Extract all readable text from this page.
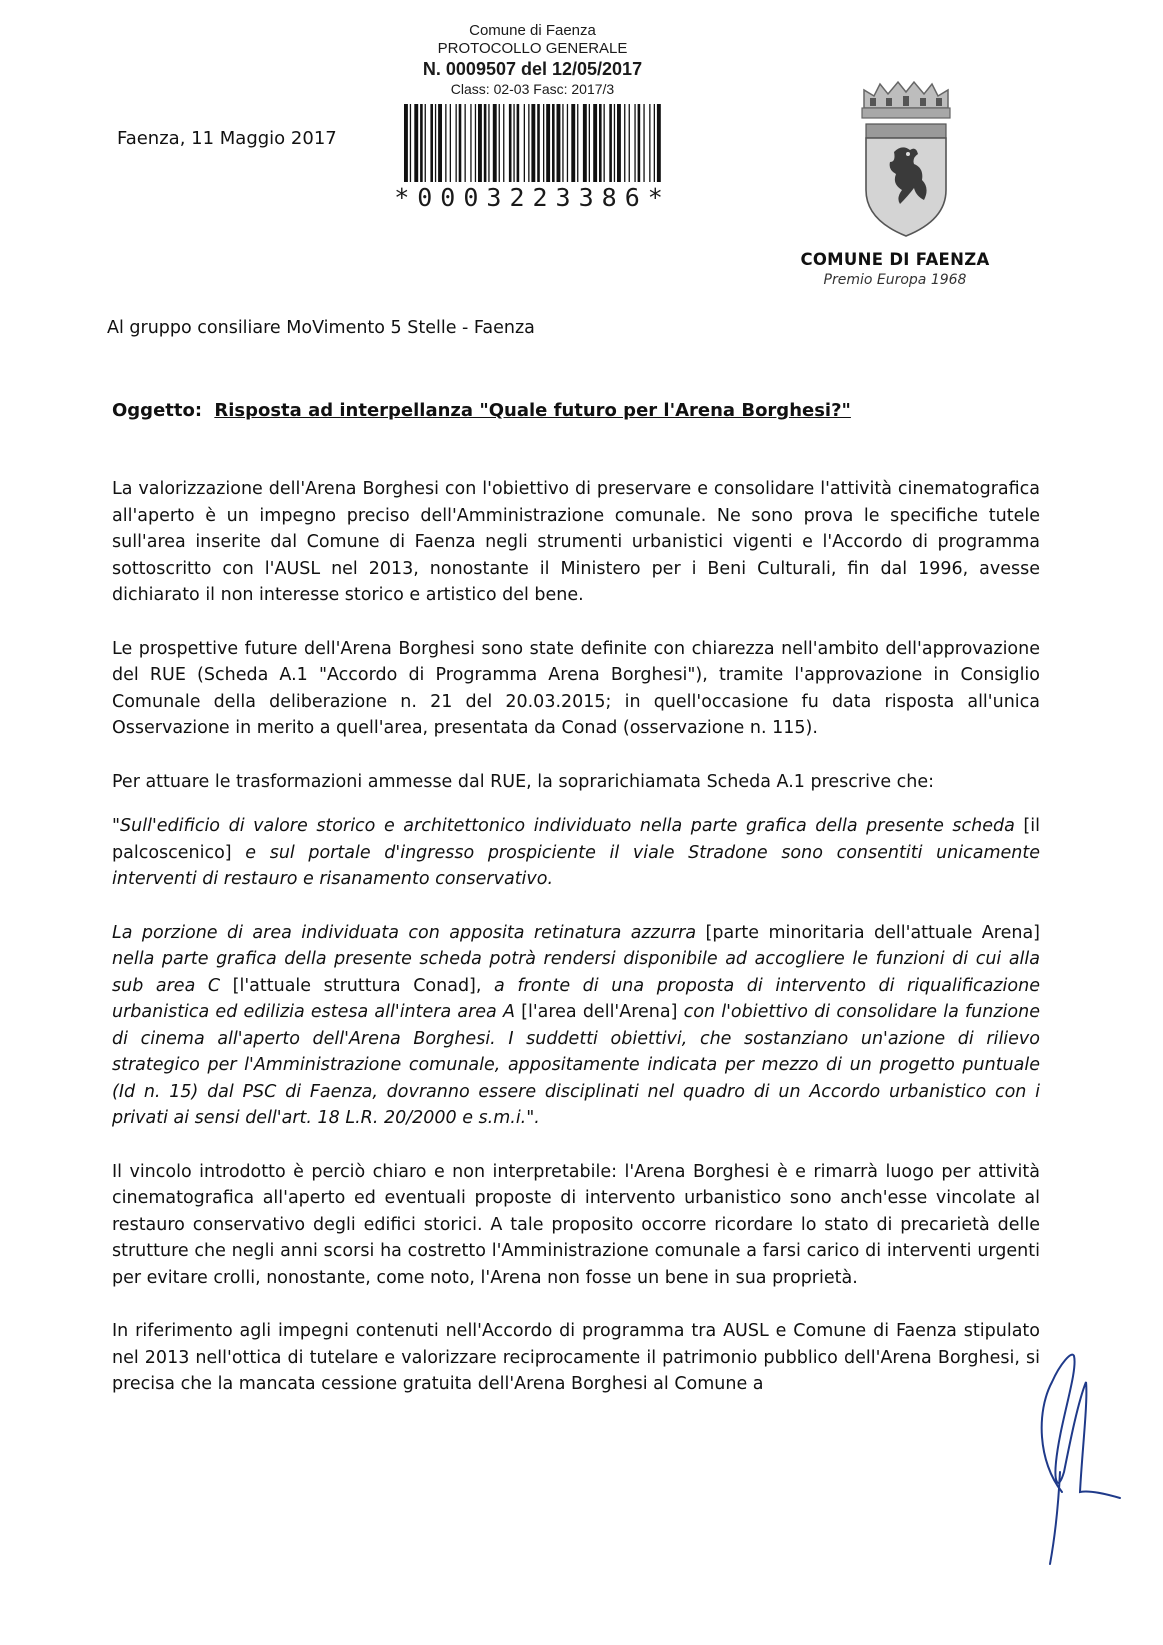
Comune di Faenza
PROTOCOLLO GENERALE
N. 0009507 del 12/05/2017
Class: 02-03 Fasc: 2017/3
*0003223386*
Faenza, 11 Maggio 2017
COMUNE DI FAENZA
Premio Europa 1968
Al gruppo consiliare MoVimento 5 Stelle - Faenza
Oggetto: Risposta ad interpellanza "Quale futuro per l'Arena Borghesi?"

La valorizzazione dell'Arena Borghesi con l'obiettivo di preservare e consolidare l'attività cinematografica all'aperto è un impegno preciso dell'Amministrazione comunale. Ne sono prova le specifiche tutele sull'area inserite dal Comune di Faenza negli strumenti urbanistici vigenti e l'Accordo di programma sottoscritto con l'AUSL nel 2013, nonostante il Ministero per i Beni Culturali, fin dal 1996, avesse dichiarato il non interesse storico e artistico del bene.

Le prospettive future dell'Arena Borghesi sono state definite con chiarezza nell'ambito dell'approvazione del RUE (Scheda A.1 "Accordo di Programma Arena Borghesi"), tramite l'approvazione in Consiglio Comunale della deliberazione n. 21 del 20.03.2015; in quell'occasione fu data risposta all'unica Osservazione in merito a quell'area, presentata da Conad (osservazione n. 115).

Per attuare le trasformazioni ammesse dal RUE, la soprarichiamata Scheda A.1 prescrive che:

"Sull'edificio di valore storico e architettonico individuato nella parte grafica della presente scheda [il palcoscenico] e sul portale d'ingresso prospiciente il viale Stradone sono consentiti unicamente interventi di restauro e risanamento conservativo.

La porzione di area individuata con apposita retinatura azzurra [parte minoritaria dell'attuale Arena] nella parte grafica della presente scheda potrà rendersi disponibile ad accogliere le funzioni di cui alla sub area C [l'attuale struttura Conad], a fronte di una proposta di intervento di riqualificazione urbanistica ed edilizia estesa all'intera area A [l'area dell'Arena] con l'obiettivo di consolidare la funzione di cinema all'aperto dell'Arena Borghesi. I suddetti obiettivi, che sostanziano un'azione di rilievo strategico per l'Amministrazione comunale, appositamente indicata per mezzo di un progetto puntuale (Id n. 15) dal PSC di Faenza, dovranno essere disciplinati nel quadro di un Accordo urbanistico con i privati ai sensi dell'art. 18 L.R. 20/2000 e s.m.i.".

Il vincolo introdotto è perciò chiaro e non interpretabile: l'Arena Borghesi è e rimarrà luogo per attività cinematografica all'aperto ed eventuali proposte di intervento urbanistico sono anch'esse vincolate al restauro conservativo degli edifici storici. A tale proposito occorre ricordare lo stato di precarietà delle strutture che negli anni scorsi ha costretto l'Amministrazione comunale a farsi carico di interventi urgenti per evitare crolli, nonostante, come noto, l'Arena non fosse un bene in sua proprietà.

In riferimento agli impegni contenuti nell'Accordo di programma tra AUSL e Comune di Faenza stipulato nel 2013 nell'ottica di tutelare e valorizzare reciprocamente il patrimonio pubblico dell'Arena Borghesi, si precisa che la mancata cessione gratuita dell'Arena Borghesi al Comune a
